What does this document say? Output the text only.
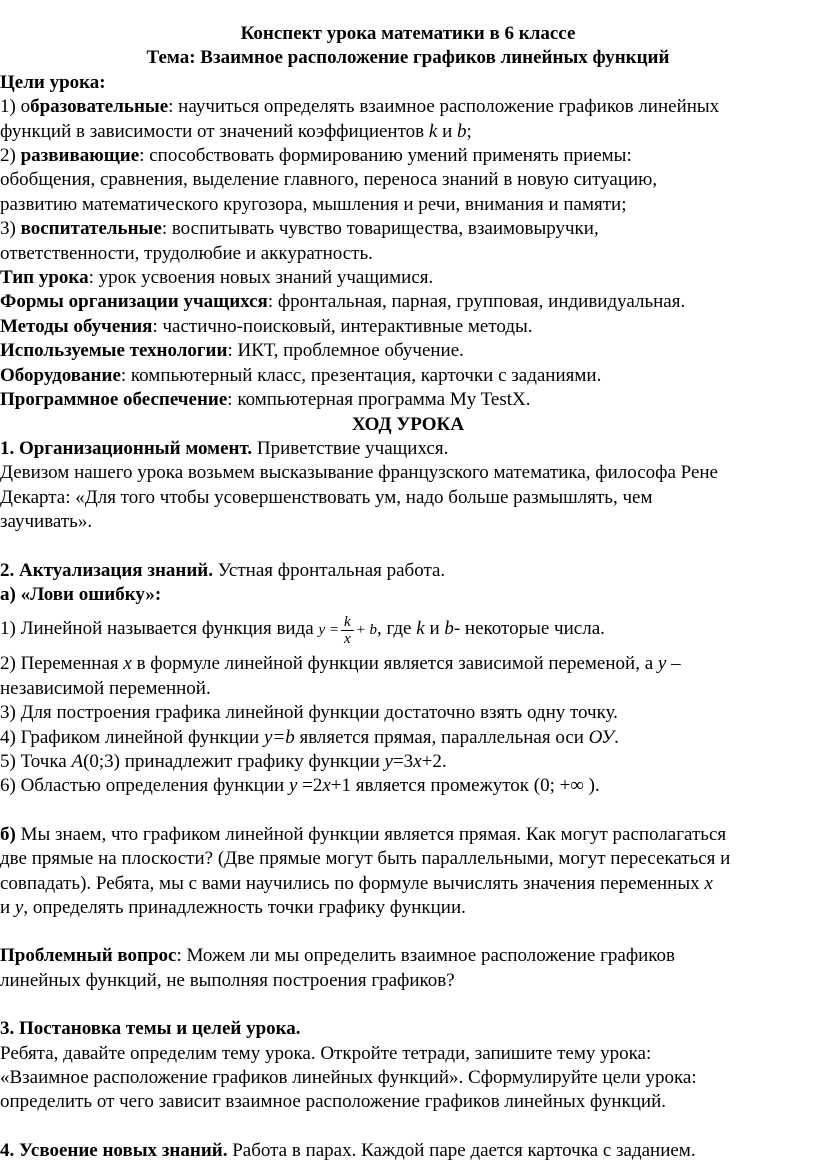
Конспект урока математики в 6 классе

Тема: Взаимное расположение графиков линейных функций

Цели урока:

1) образовательные: научиться определять взаимное расположение графиков линейных

функций в зависимости от значений коэффициентов k и b;

2) развивающие: способствовать формированию умений применять приемы:

обобщения, сравнения, выделение главного, переноса знаний в новую ситуацию,

развитию математического кругозора, мышления и речи, внимания и памяти;

3) воспитательные: воспитывать чувство товарищества, взаимовыручки,

ответственности, трудолюбие и аккуратность.

Тип урока: урок усвоения новых знаний учащимися.

Формы организации учащихся: фронтальная, парная, групповая, индивидуальная.

Методы обучения: частично-поисковый, интерактивные методы.

Используемые технологии: ИКТ, проблемное обучение.

Оборудование: компьютерный класс, презентация, карточки с заданиями.

Программное обеспечение: компьютерная программа My TestX.

ХОД УРОКА

1. Организационный момент. Приветствие учащихся.

Девизом нашего урока возьмем высказывание французского математика, философа Рене

Декарта: «Для того чтобы усовершенствовать ум, надо больше размышлять, чем

заучивать».

2. Актуализация знаний. Устная фронтальная работа.

а) «Лови ошибку»:

1) Линейной называется функция вида $y = \frac{k}{x} + b$, где k и b- некоторые числа.

2) Переменная x в формуле линейной функции является зависимой переменой, а y –

независимой переменной.

3) Для построения графика линейной функции достаточно взять одну точку.

4) Графиком линейной функции y=b является прямая, параллельная оси ОУ.

5) Точка А(0;3) принадлежит графику функции у=3х+2.

6) Областью определения функции у =2х+1 является промежуток (0; +∞ ).

б) Мы знаем, что графиком линейной функции является прямая. Как могут располагаться

две прямые на плоскости? (Две прямые могут быть параллельными, могут пересекаться и

совпадать). Ребята, мы с вами научились по формуле вычислять значения переменных x

и y, определять принадлежность точки графику функции.

Проблемный вопрос: Можем ли мы определить взаимное расположение графиков

линейных функций, не выполняя построения графиков?

3. Постановка темы и целей урока.

Ребята, давайте определим тему урока. Откройте тетради, запишите тему урока:

«Взаимное расположение графиков линейных функций». Сформулируйте цели урока:

определить от чего зависит взаимное расположение графиков линейных функций.

4. Усвоение новых знаний. Работа в парах. Каждой паре дается карточка с заданием.
